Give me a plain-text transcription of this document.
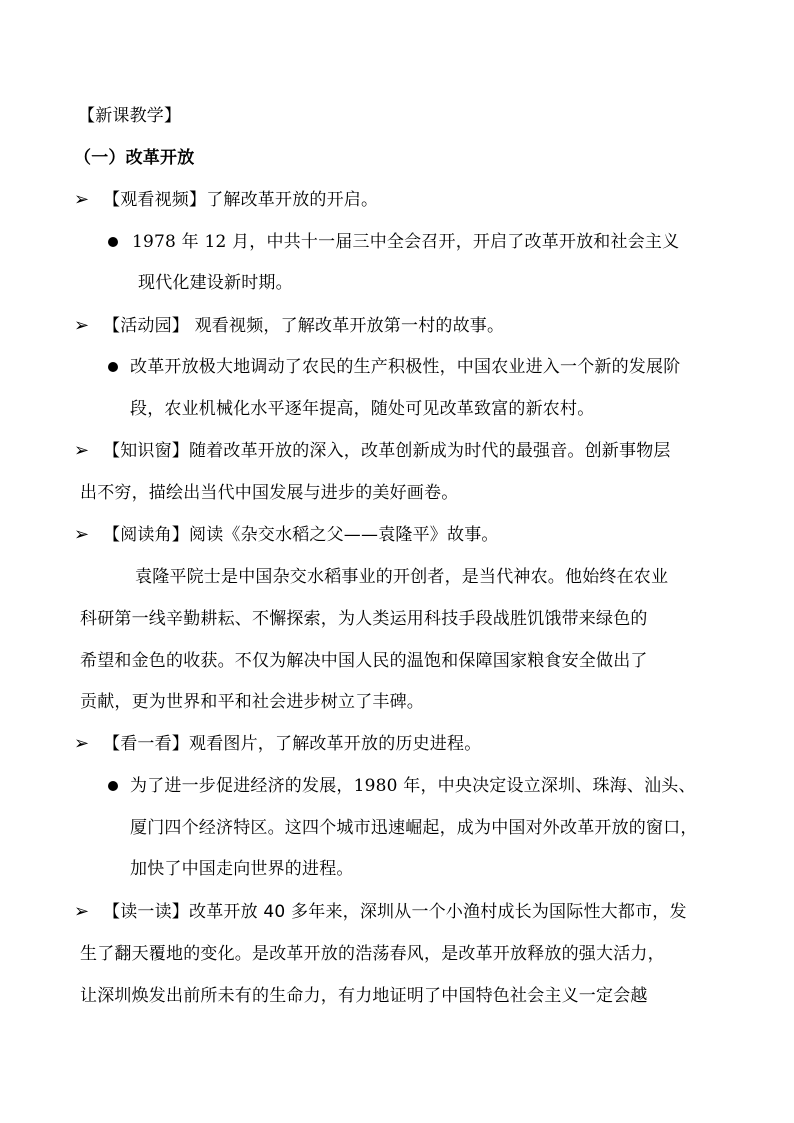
【新课教学】
（一）改革开放
➢ 【观看视频】了解改革开放的开启。
1978 年 12 月，中共十一届三中全会召开，开启了改革开放和社会主义
现代化建设新时期。
➢ 【活动园】 观看视频，了解改革开放第一村的故事。
改革开放极大地调动了农民的生产积极性，中国农业进入一个新的发展阶
段，农业机械化水平逐年提高，随处可见改革致富的新农村。
➢ 【知识窗】随着改革开放的深入，改革创新成为时代的最强音。创新事物层
出不穷，描绘出当代中国发展与进步的美好画卷。
➢ 【阅读角】阅读《杂交水稻之父——袁隆平》故事。
袁隆平院士是中国杂交水稻事业的开创者，是当代神农。他始终在农业
科研第一线辛勤耕耘、不懈探索，为人类运用科技手段战胜饥饿带来绿色的
希望和金色的收获。不仅为解决中国人民的温饱和保障国家粮食安全做出了
贡献，更为世界和平和社会进步树立了丰碑。
➢ 【看一看】观看图片，了解改革开放的历史进程。
为了进一步促进经济的发展，1980 年，中央决定设立深圳、珠海、汕头、
厦门四个经济特区。这四个城市迅速崛起，成为中国对外改革开放的窗口，
加快了中国走向世界的进程。
➢ 【读一读】改革开放 40 多年来，深圳从一个小渔村成长为国际性大都市，发
生了翻天覆地的变化。是改革开放的浩荡春风，是改革开放释放的强大活力，
让深圳焕发出前所未有的生命力，有力地证明了中国特色社会主义一定会越
